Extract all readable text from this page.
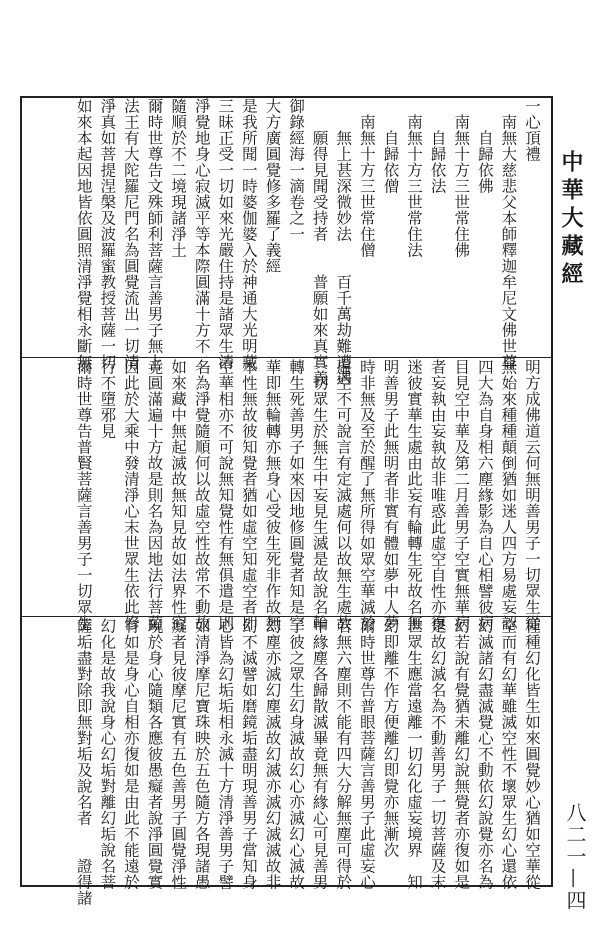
中華大藏經
八二一—四
一心頂禮
　南無大慈悲父本師釋迦牟尼文佛世尊
　　自歸依佛
　南無十方三世常住佛
　　自歸依法
　南無十方三世常住法
　　自歸依僧
　南無十方三世常住僧
　　無上甚深微妙法　　百千萬劫難遭遇
　　願得見聞受持者　　普願如來真實義
御錄經海一滴卷之一
大方廣圓覺修多羅了義經
是我所聞一時婆伽婆入於神通大光明藏
三昧正受一切如來光嚴住持是諸眾生清
淨覺地身心寂滅平等本際圓滿十方不二
隨順於不二境現諸淨土
爾時世尊告文殊師利菩薩言善男子無上
法王有大陀羅尼門名為圓覺流出一切清
淨真如菩提涅槃及波羅蜜教授菩薩一切
如來本起因地皆依圓照清淨覺相永斷無
明方成佛道云何無明善男子一切眾生從
無始來種種顛倒猶如迷人四方易處妄認
四大為自身相六塵緣影為自心相譬彼病
目見空中華及第二月善男子空實無華病
者妄執由妄執故非唯惑此虛空自性亦復
迷彼實華生處由此妄有輪轉生死故名無
明善男子此無明者非實有體如夢中人夢
時非無及至於醒了無所得如眾空華滅於
虛空不可說言有定滅處何以故無生處故
一切眾生於無生中妄見生滅是故說名輪
轉生死善男子如來因地修圓覺者知是空
華即無輪轉亦無身心受彼生死非作故無
本性無故彼知覺者猶如虛空知虛空者即
空華相亦不可說無知覺性有無俱遣是則
名為淨覺隨順何以故虛空性故常不動故
如來藏中無起滅故無知見故如法界性究
竟圓滿遍十方故是則名為因地法行菩薩
因此於大乘中發清淨心末世眾生依此修
行不墮邪見
爾時世尊告普賢菩薩言善男子一切眾生
種種幻化皆生如來圓覺妙心猶如空華從
空而有幻華雖滅空性不壞眾生幻心還依
幻滅諸幻盡滅覺心不動依幻說覺亦名為
幻若說有覺猶未離幻說無覺者亦復如是
是故幻滅名為不動善男子一切菩薩及末
世眾生應當遠離一切幻化虛妄境界　知
幻即離不作方便離幻即覺亦無漸次
爾時世尊告普眼菩薩言善男子此虛妄心
若無六塵則不能有四大分解無塵可得於
中緣塵各歸散滅畢竟無有緣心可見善男
子彼之眾生幻身滅故幻心亦滅幻心滅故
幻塵亦滅幻塵滅故幻滅亦滅幻滅滅故非
幻不滅譬如磨鏡垢盡明現善男子當知身
心皆為幻垢垢相永滅十方清淨善男子譬
如清淨摩尼寶珠映於五色隨方各現諸愚
癡者見彼摩尼實有五色善男子圓覺淨性
現於身心隨類各應彼愚癡者說淨圓覺實
有如是身心自相亦復如是由此不能遠於
幻化是故我說身心幻垢對離幻垢說名菩
薩垢盡對除即無對垢及說名者　　證得諸
